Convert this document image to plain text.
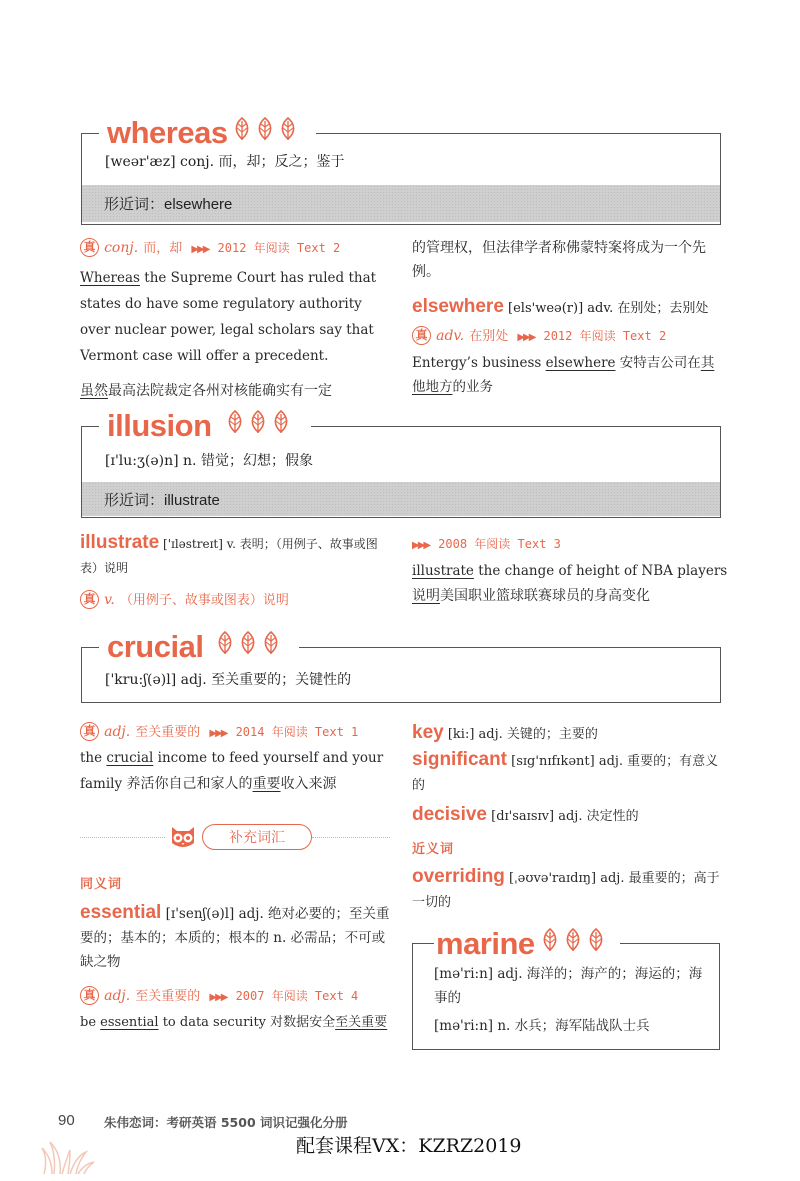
whereas
[weər'æz] conj. 而，却；反之；鉴于
形近词：elsewhere
真 conj. 而，却 ▶▶▶ 2012 年阅读 Text 2

Whereas the Supreme Court has ruled that states do have some regulatory authority over nuclear power, legal scholars say that Vermont case will offer a precedent.

虽然最高法院裁定各州对核能确实有一定

的管理权，但法律学者称佛蒙特案将成为一个先例。

elsewhere [els'weə(r)] adv. 在别处；去别处
真 adv. 在别处 ▶▶▶ 2012 年阅读 Text 2

Entergy’s business elsewhere 安特吉公司在其他地方的业务

illusion
[ɪ'lu:ʒ(ə)n] n. 错觉；幻想；假象
形近词：illustrate

illustrate ['ɪləstreɪt] v. 表明；（用例子、故事或图表）说明

真 v. （用例子、故事或图表）说明
▶▶▶ 2008 年阅读 Text 3

illustrate the change of height of NBA players

说明美国职业篮球联赛球员的身高变化

crucial
['kru:ʃ(ə)l] adj. 至关重要的；关键性的
真 adj. 至关重要的 ▶▶▶ 2014 年阅读 Text 1

the crucial income to feed yourself and your family 养活你自己和家人的重要收入来源

补充词汇
同义词

essential [ɪ'senʃ(ə)l] adj. 绝对必要的；至关重要的；基本的；本质的；根本的 n. 必需品；不可或缺之物

真 adj. 至关重要的 ▶▶▶ 2007 年阅读 Text 4

be essential to data security 对数据安全至关重要

key [ki:] adj. 关键的；主要的

significant [sɪg'nɪfɪkənt] adj. 重要的；有意义的

decisive [dɪ'saɪsɪv] adj. 决定性的

近义词

overriding [ˌəʊvə'raɪdɪŋ] adj. 最重要的；高于一切的

marine

[mə'ri:n] adj. 海洋的；海产的；海运的；海事的

[mə'ri:n] n. 水兵；海军陆战队士兵

90 朱伟恋词：考研英语 5500 词识记强化分册
配套课程VX：KZRZ2019
